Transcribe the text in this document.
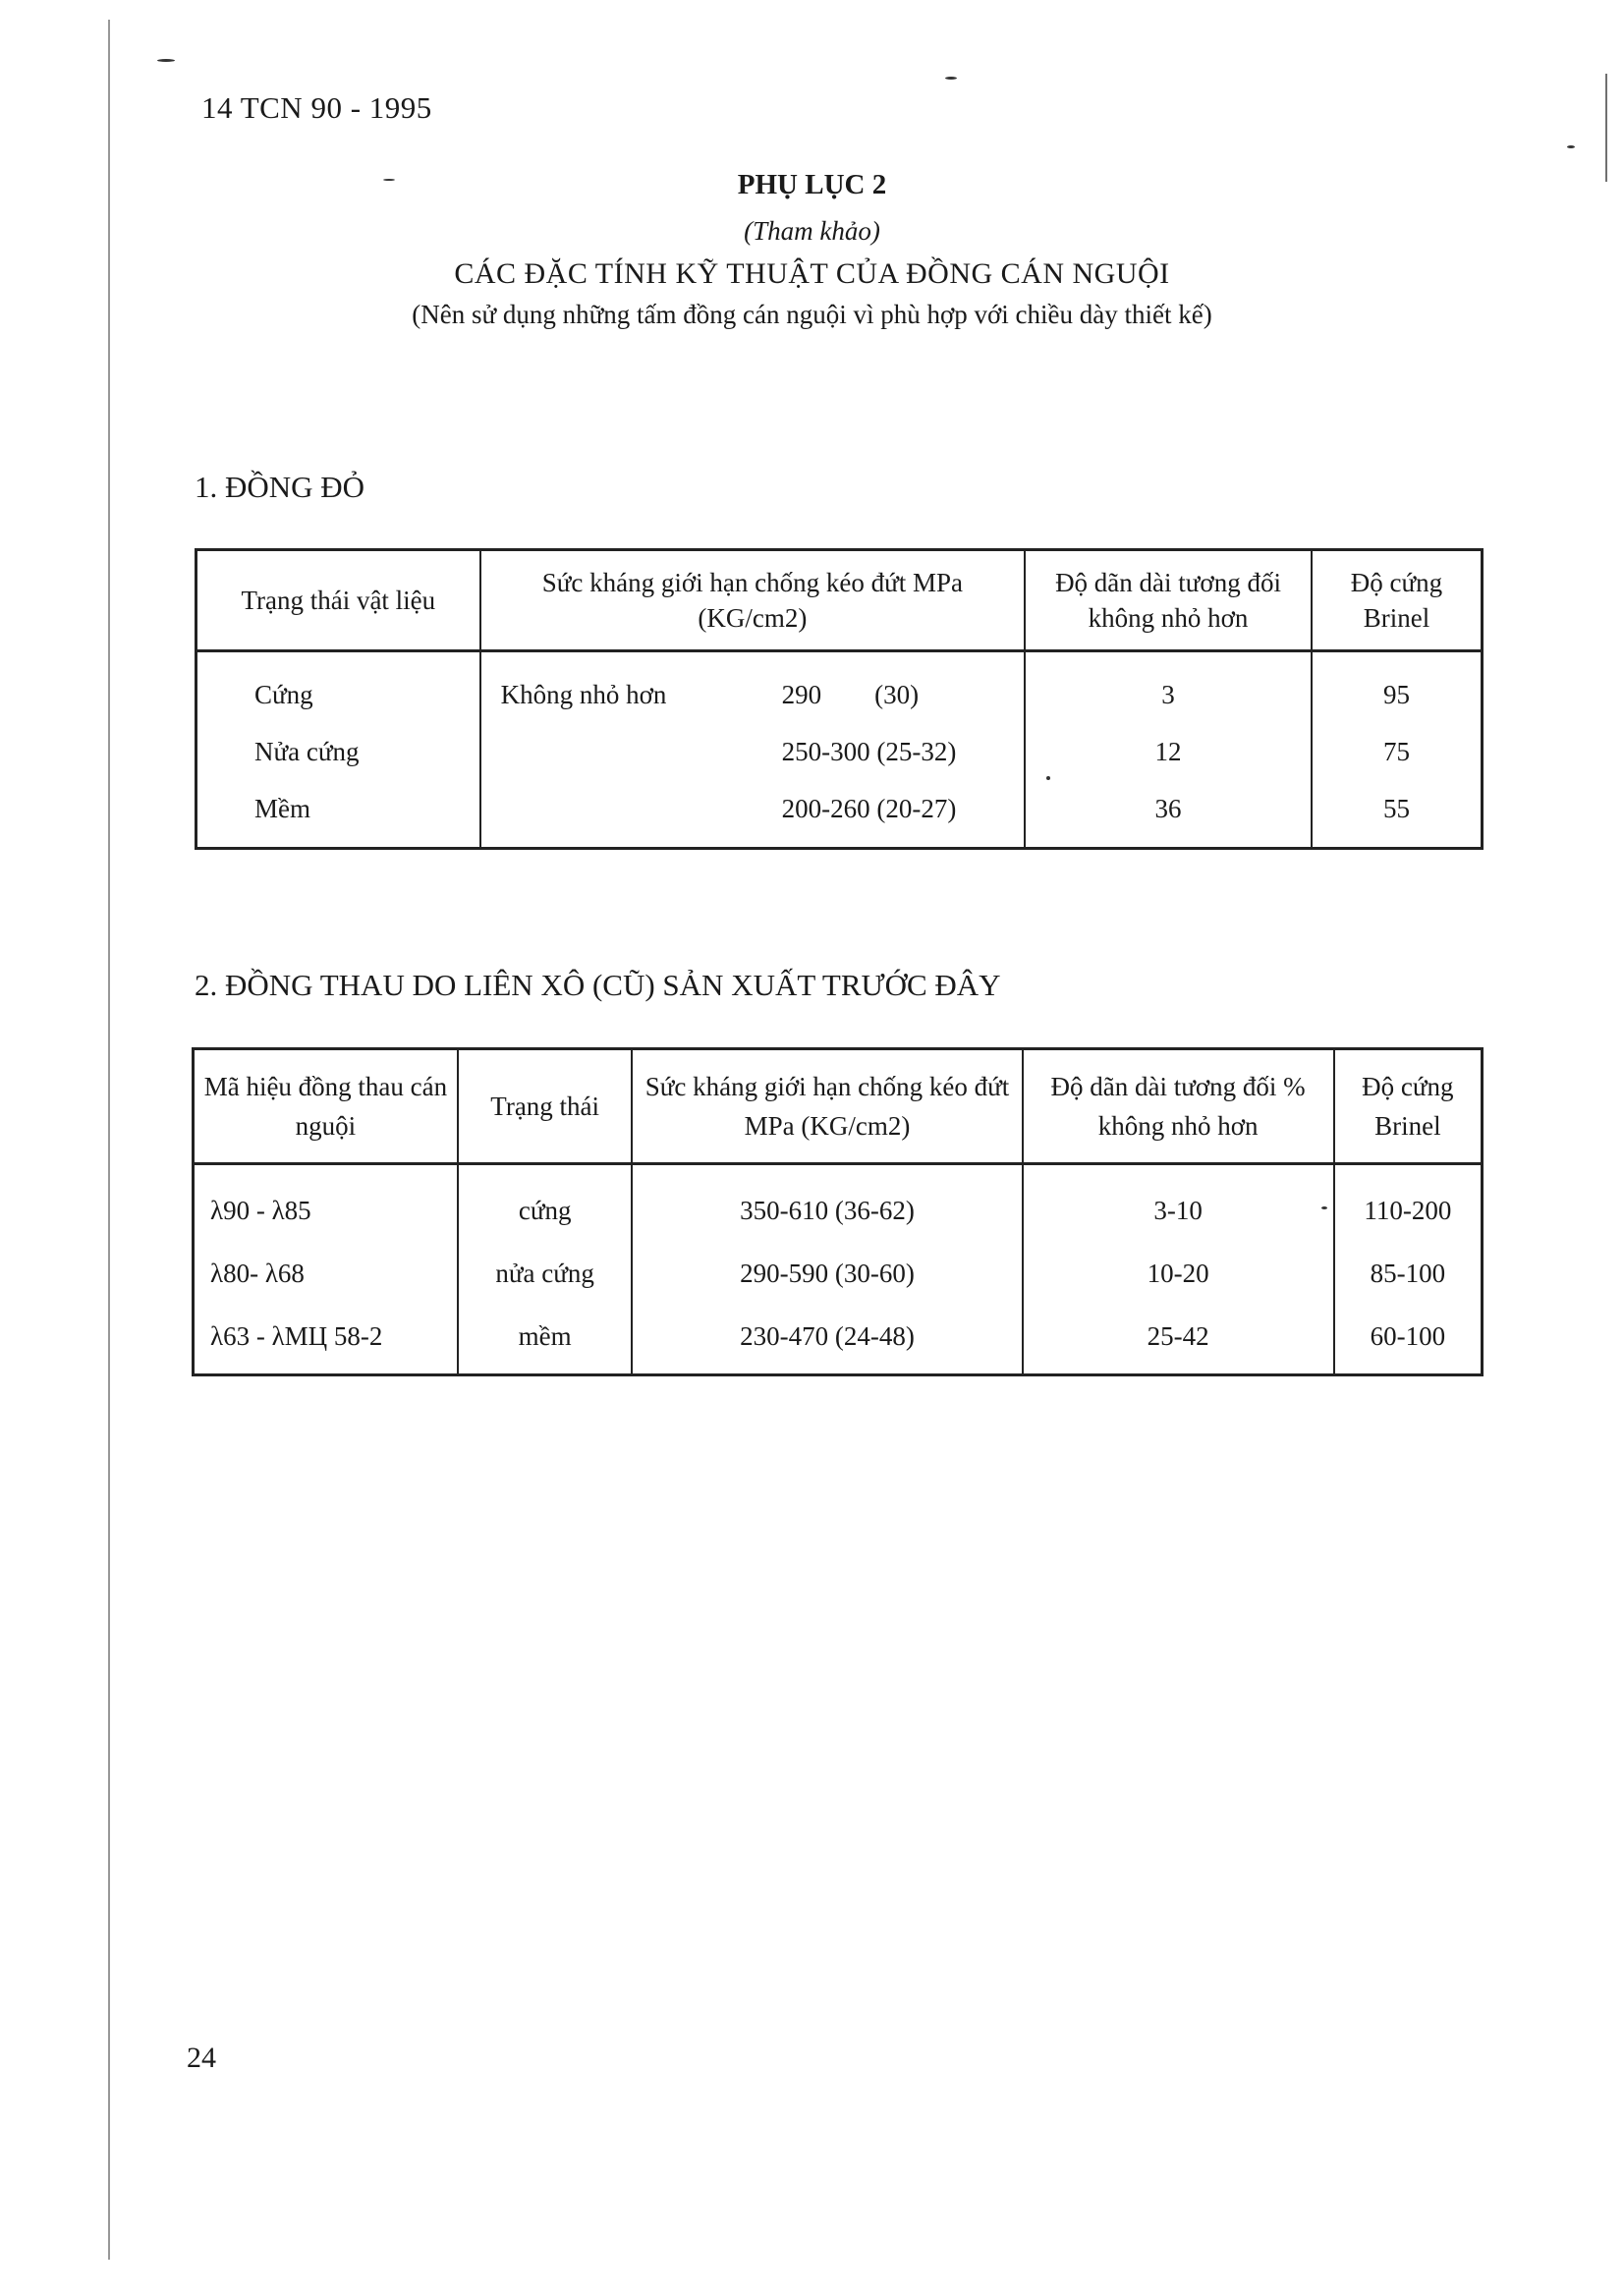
14 TCN 90 - 1995
PHỤ LỤC 2
(Tham khảo)
CÁC ĐẶC TÍNH KỸ THUẬT CỦA ĐỒNG CÁN NGUỘI
(Nên sử dụng những tấm đồng cán nguội vì phù hợp với chiều dày thiết kế)
1. ĐỒNG ĐỎ
Trạng thái vật liệu	Sức kháng giới hạn chống kéo đứt MPa (KG/cm2)	Độ dãn dài tương đối không nhỏ hơn	Độ cứng Brinel
Cứng	Không nhỏ hơn 290        (30)	3	95
Nửa cứng	250-300 (25-32)	12	75
Mềm	200-260 (20-27)	36	55
2. ĐỒNG THAU DO LIÊN XÔ (CŨ) SẢN XUẤT TRƯỚC ĐÂY
Mã hiệu đồng thau cán nguội	Trạng thái	Sức kháng giới hạn chống kéo đứt MPa (KG/cm2)	Độ dãn dài tương đối % không nhỏ hơn	Độ cứng Brinel
λ90 - λ85	cứng	350-610 (36-62)	3-10	110-200
λ80- λ68	nửa cứng	290-590 (30-60)	10-20	85-100
λ63 - λМЦ 58-2	mềm	230-470 (24-48)	25-42	60-100
24
